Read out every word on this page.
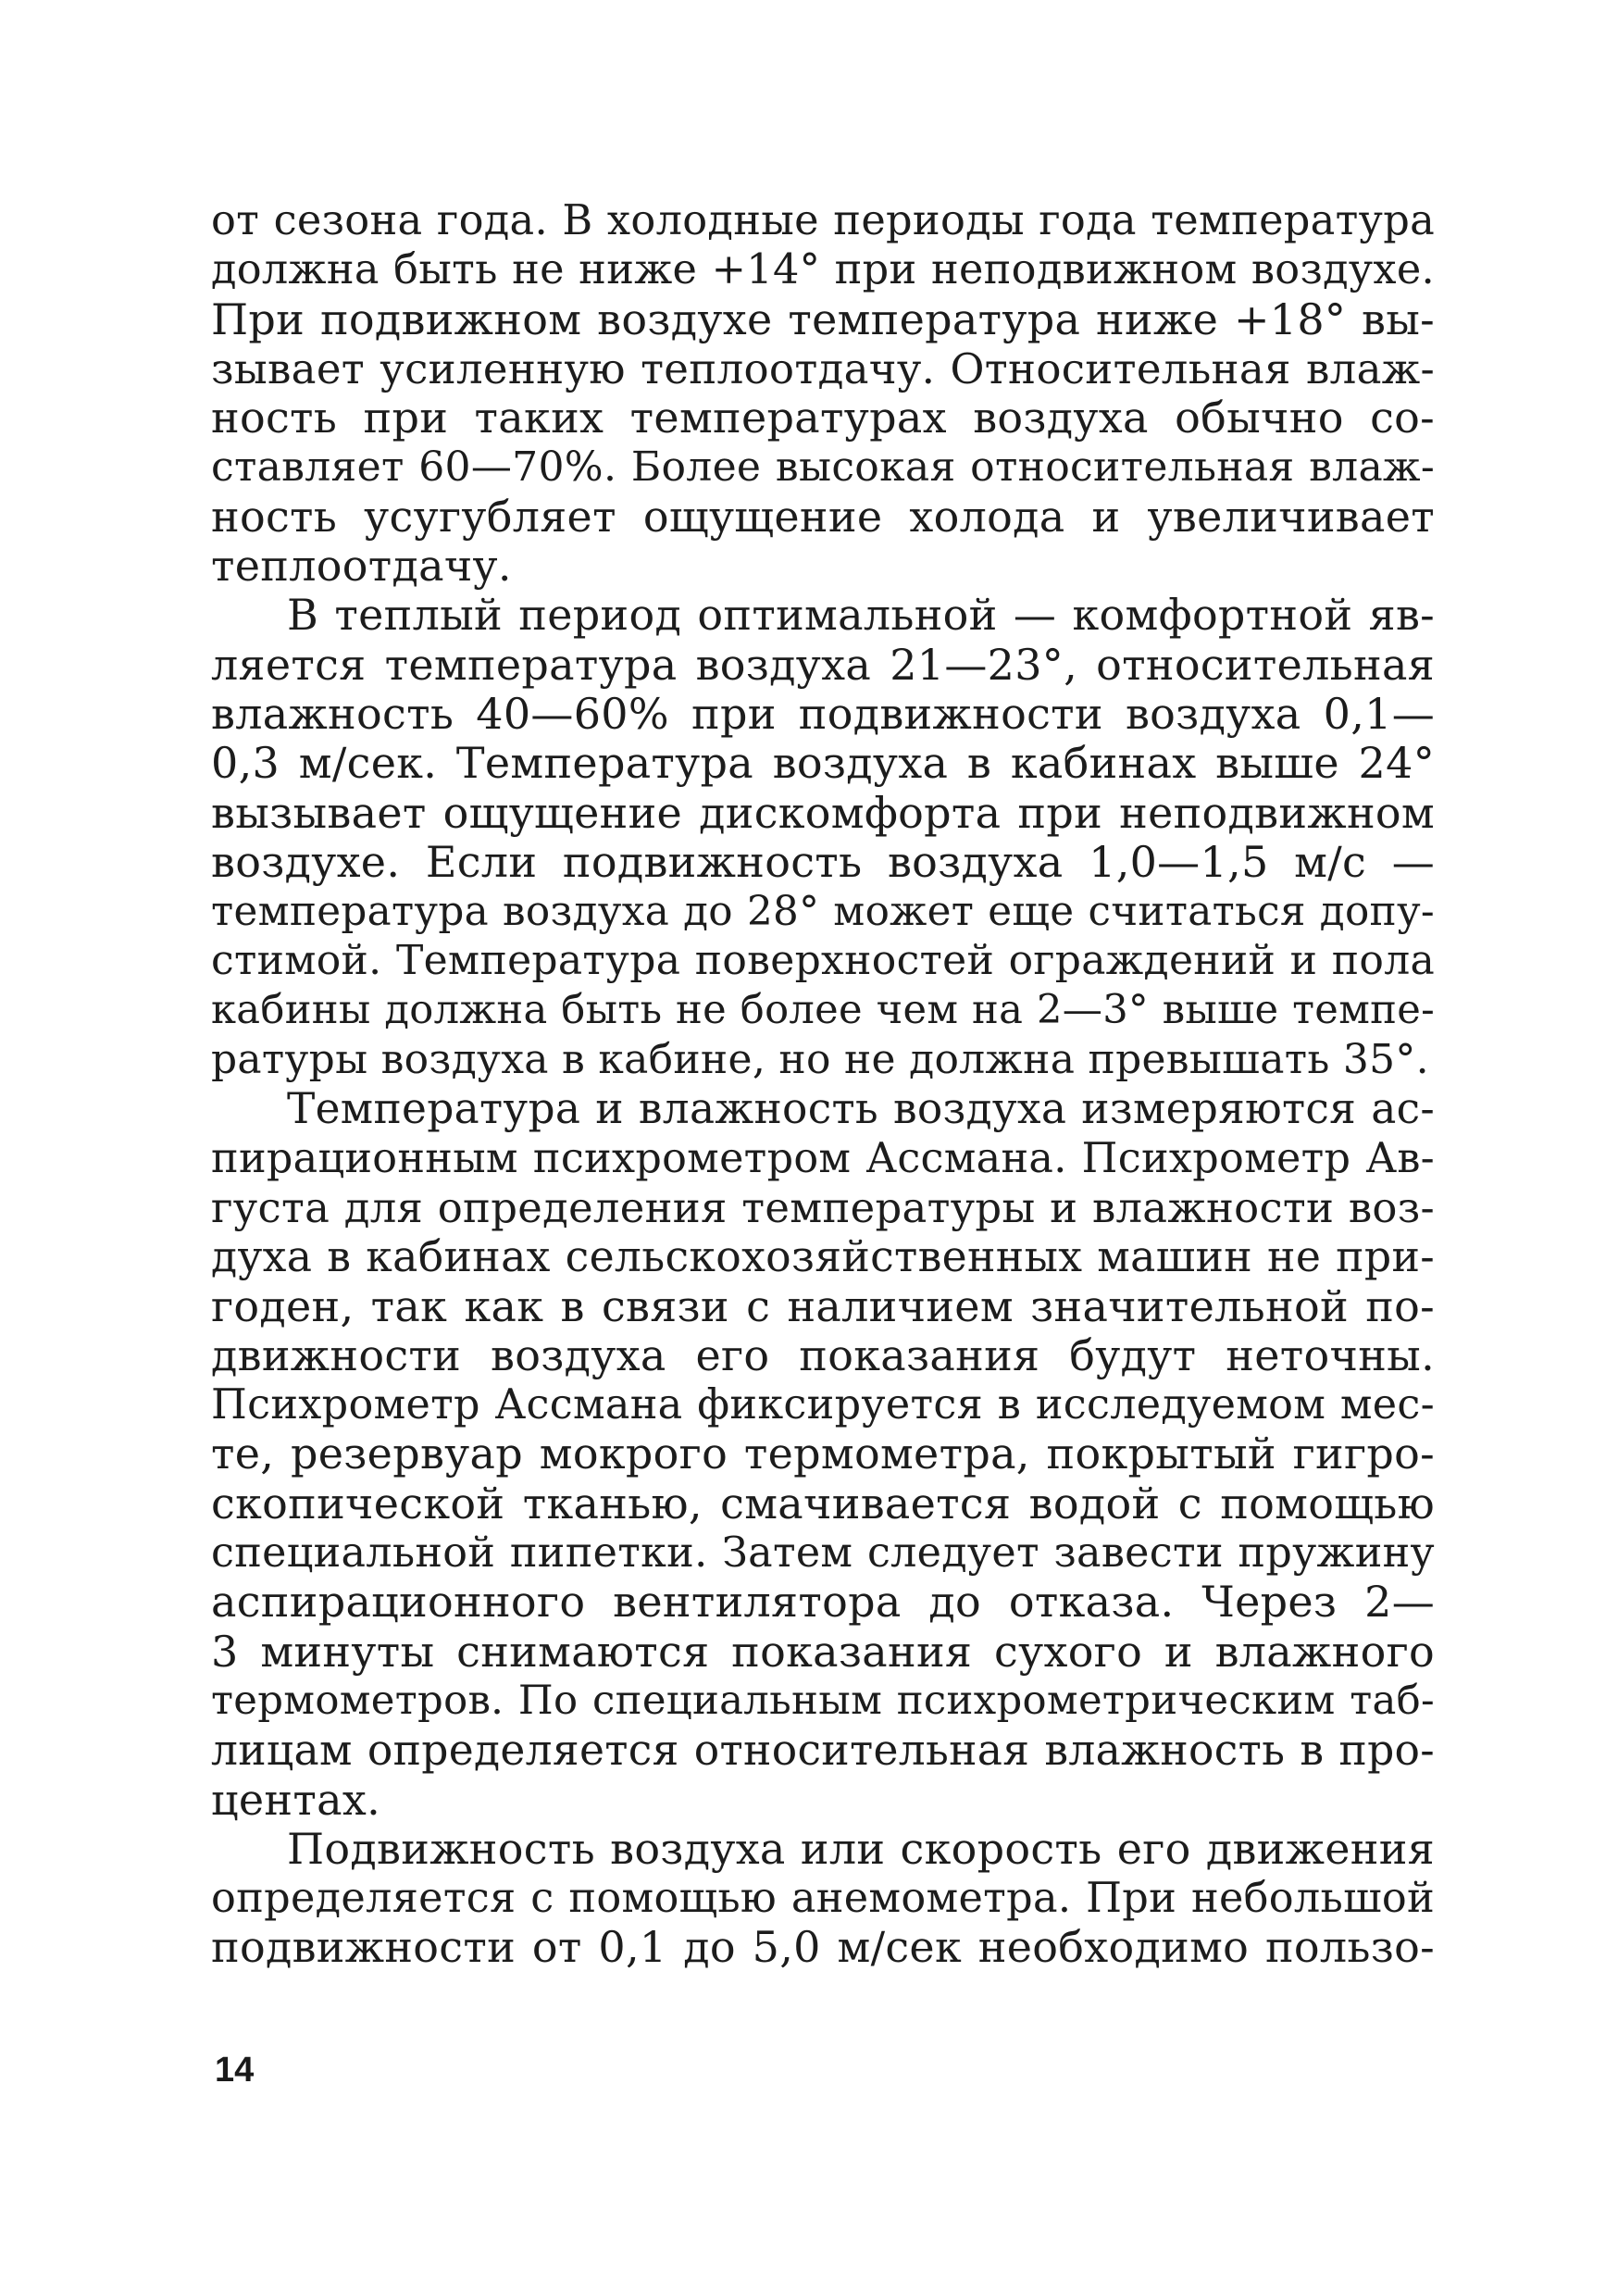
от сезона года. В холодные периоды года температура
должна быть не ниже +14° при неподвижном воздухе.
При подвижном воздухе температура ниже +18° вы-
зывает усиленную теплоотдачу. Относительная влаж-
ность при таких температурах воздуха обычно со-
ставляет 60—70%. Более высокая относительная влаж-
ность усугубляет ощущение холода и увеличивает
теплоотдачу.
В теплый период оптимальной — комфортной яв-
ляется температура воздуха 21—23°, относительная
влажность 40—60% при подвижности воздуха 0,1—
0,3 м/сек. Температура воздуха в кабинах выше 24°
вызывает ощущение дискомфорта при неподвижном
воздухе. Если подвижность воздуха 1,0—1,5 м/с —
температура воздуха до 28° может еще считаться допу-
стимой. Температура поверхностей ограждений и пола
кабины должна быть не более чем на 2—3° выше темпе-
ратуры воздуха в кабине, но не должна превышать 35°.
Температура и влажность воздуха измеряются ас-
пирационным психрометром Ассмана. Психрометр Ав-
густа для определения температуры и влажности воз-
духа в кабинах сельскохозяйственных машин не при-
годен, так как в связи с наличием значительной по-
движности воздуха его показания будут неточны.
Психрометр Ассмана фиксируется в исследуемом мес-
те, резервуар мокрого термометра, покрытый гигро-
скопической тканью, смачивается водой с помощью
специальной пипетки. Затем следует завести пружину
аспирационного вентилятора до отказа. Через 2—
3 минуты снимаются показания сухого и влажного
термометров. По специальным психрометрическим таб-
лицам определяется относительная влажность в про-
центах.
Подвижность воздуха или скорость его движения
определяется с помощью анемометра. При небольшой
подвижности от 0,1 до 5,0 м/сек необходимо пользо-
14
